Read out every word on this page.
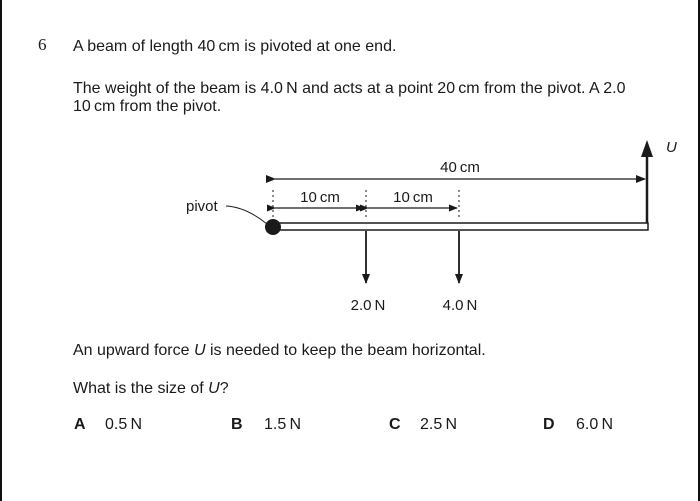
6 A beam of length 40 cm is pivoted at one end.
The weight of the beam is 4.0 N and acts at a point 20 cm from the pivot. A 2.0
10 cm from the pivot.
40 cm
10 cm	10 cm
pivot
2.0 N	4.0 N
U
An upward force U is needed to keep the beam horizontal.
What is the size of U?
A 0.5 N	B 1.5 N	C 2.5 N	D 6.0 N
